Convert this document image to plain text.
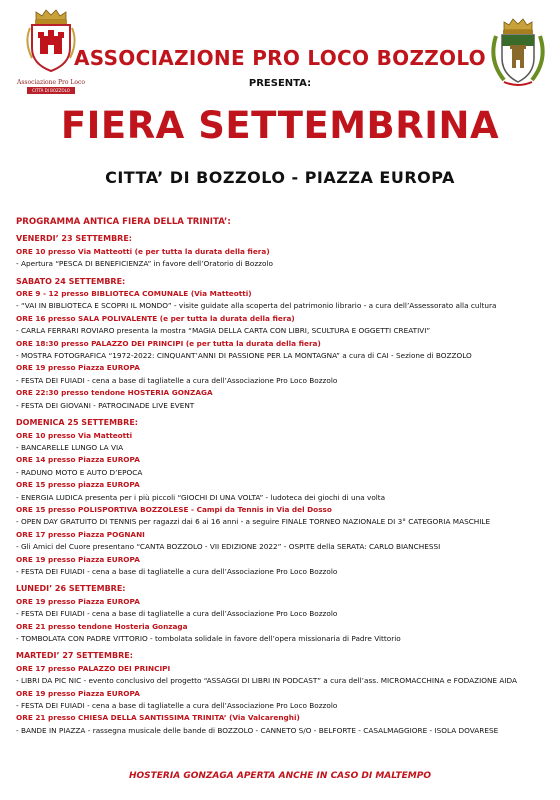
Associazione Pro Loco
CITTÀ DI BOZZOLO
ASSOCIAZIONE PRO LOCO BOZZOLO
PRESENTA:
FIERA SETTEMBRINA
CITTA’ DI BOZZOLO - PIAZZA EUROPA
PROGRAMMA ANTICA FIERA DELLA TRINITA’:
VENERDI’ 23 SETTEMBRE:
ORE 10 presso Via Matteotti (e per tutta la durata della fiera)
- Apertura “PESCA DI BENEFICIENZA” in favore dell’Oratorio di Bozzolo
SABATO 24 SETTEMBRE:
ORE 9 - 12 presso BIBLIOTECA COMUNALE (Via Matteotti)
- “VAI IN BIBLIOTECA E SCOPRI IL MONDO” - visite guidate alla scoperta del patrimonio librario - a cura dell’Assessorato alla cultura
ORE 16 presso SALA POLIVALENTE (e per tutta la durata della fiera)
- CARLA FERRARI ROVIARO presenta la mostra “MAGIA DELLA CARTA CON LIBRI, SCULTURA E OGGETTI CREATIVI”
ORE 18:30 presso PALAZZO DEI PRINCIPI (e per tutta la durata della fiera)
- MOSTRA FOTOGRAFICA “1972-2022: CINQUANT’ANNI DI PASSIONE PER LA MONTAGNA” a cura di CAI - Sezione di BOZZOLO
ORE 19 presso Piazza EUROPA
- FESTA DEI FUIADI - cena a base di tagliatelle a cura dell’Associazione Pro Loco Bozzolo
ORE 22:30 presso tendone HOSTERIA GONZAGA
- FESTA DEI GIOVANI - PATROCINADE LIVE EVENT
DOMENICA 25 SETTEMBRE:
ORE 10 presso Via Matteotti
- BANCARELLE LUNGO LA VIA
ORE 14 presso Piazza EUROPA
- RADUNO MOTO E AUTO D’EPOCA
ORE 15 presso piazza EUROPA
- ENERGIA LUDICA presenta per i più piccoli “GIOCHI DI UNA VOLTA” - ludoteca dei giochi di una volta
ORE 15 presso POLISPORTIVA BOZZOLESE - Campi da Tennis in Via del Dosso
- OPEN DAY GRATUITO DI TENNIS per ragazzi dai 6 ai 16 anni - a seguire FINALE TORNEO NAZIONALE DI 3° CATEGORIA MASCHILE
ORE 17 presso Piazza POGNANI
- Gli Amici del Cuore presentano “CANTA BOZZOLO - VII EDIZIONE 2022” - OSPITE della SERATA: CARLO BIANCHESSI
ORE 19 presso Piazza EUROPA
- FESTA DEI FUIADI - cena a base di tagliatelle a cura dell’Associazione Pro Loco Bozzolo
LUNEDI’ 26 SETTEMBRE:
ORE 19 presso Piazza EUROPA
- FESTA DEI FUIADI - cena a base di tagliatelle a cura dell’Associazione Pro Loco Bozzolo
ORE 21 presso tendone Hosteria Gonzaga
- TOMBOLATA CON PADRE VITTORIO - tombolata solidale in favore dell’opera missionaria di Padre Vittorio
MARTEDI’ 27 SETTEMBRE:
ORE 17 presso PALAZZO DEI PRINCIPI
- LIBRI DA PIC NIC - evento conclusivo del progetto “ASSAGGI DI LIBRI IN PODCAST” a cura dell’ass. MICROMACCHINA e FODAZIONE AIDA
ORE 19 presso Piazza EUROPA
- FESTA DEI FUIADI - cena a base di tagliatelle a cura dell’Associazione Pro Loco Bozzolo
ORE 21 presso CHIESA DELLA SANTISSIMA TRINITA’ (Via Valcarenghi)
- BANDE IN PIAZZA - rassegna musicale delle bande di BOZZOLO - CANNETO S/O - BELFORTE - CASALMAGGIORE - ISOLA DOVARESE
HOSTERIA GONZAGA APERTA ANCHE IN CASO DI MALTEMPO
